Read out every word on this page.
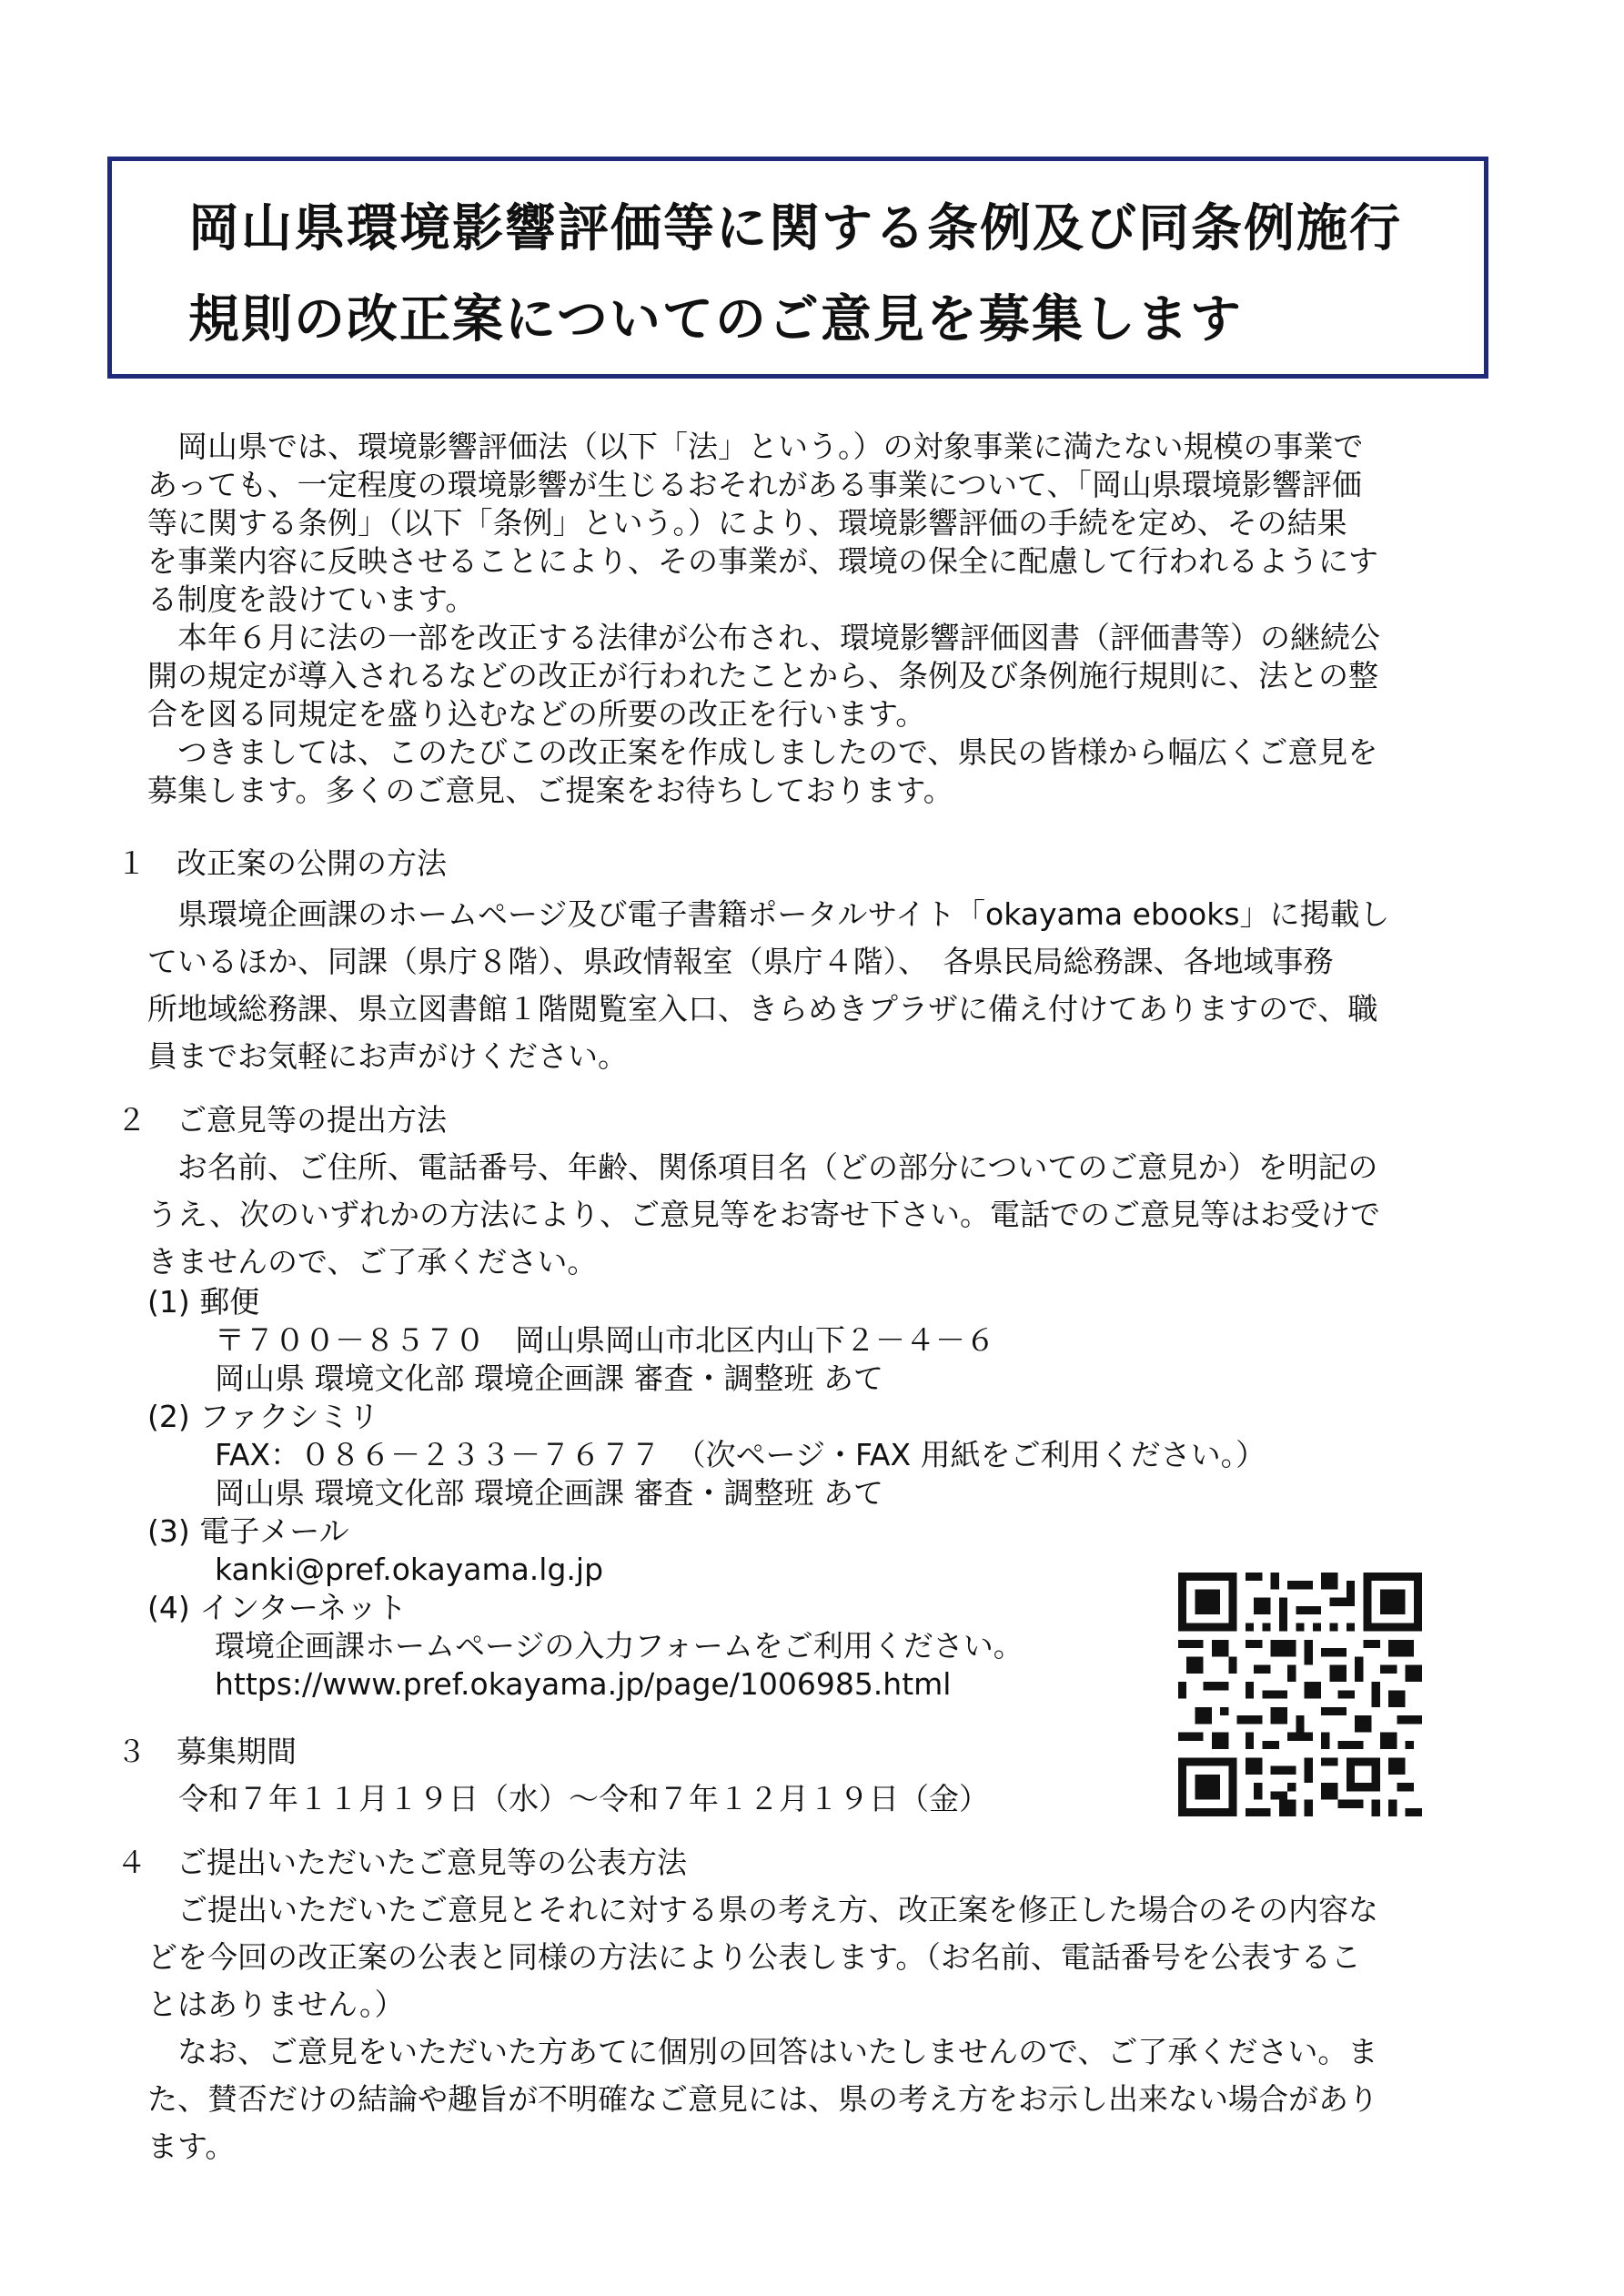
岡山県環境影響評価等に関する条例及び同条例施行
規則の改正案についてのご意見を募集します
　岡山県では、環境影響評価法（以下「法」という。）の対象事業に満たない規模の事業で
あっても、一定程度の環境影響が生じるおそれがある事業について、「岡山県環境影響評価
等に関する条例」（以下「条例」という。）により、環境影響評価の手続を定め、その結果
を事業内容に反映させることにより、その事業が、環境の保全に配慮して行われるようにす
る制度を設けています。
　本年６月に法の一部を改正する法律が公布され、環境影響評価図書（評価書等）の継続公
開の規定が導入されるなどの改正が行われたことから、条例及び条例施行規則に、法との整
合を図る同規定を盛り込むなどの所要の改正を行います。
　つきましては、このたびこの改正案を作成しましたので、県民の皆様から幅広くご意見を
募集します。多くのご意見、ご提案をお待ちしております。
１　改正案の公開の方法
　県環境企画課のホームページ及び電子書籍ポータルサイト「okayama ebooks」に掲載し
ているほか、同課（県庁８階）、県政情報室（県庁４階）、　各県民局総務課、各地域事務
所地域総務課、県立図書館１階閲覧室入口、きらめきプラザに備え付けてありますので、職
員までお気軽にお声がけください。
２　ご意見等の提出方法
　お名前、ご住所、電話番号、年齢、関係項目名（どの部分についてのご意見か）を明記の
うえ、次のいずれかの方法により、ご意見等をお寄せ下さい。電話でのご意見等はお受けで
きませんので、ご了承ください。
(1) 郵便
〒７００－８５７０　岡山県岡山市北区内山下２－４－６
岡山県 環境文化部 環境企画課 審査・調整班 あて
(2) ファクシミリ
FAX：０８６－２３３－７６７７　（次ページ・FAX 用紙をご利用ください。）
岡山県 環境文化部 環境企画課 審査・調整班 あて
(3) 電子メール
kanki@pref.okayama.lg.jp
(4) インターネット
環境企画課ホームページの入力フォームをご利用ください。
https://www.pref.okayama.jp/page/1006985.html
３　募集期間
令和７年１１月１９日（水）～令和７年１２月１９日（金）
４　ご提出いただいたご意見等の公表方法
　ご提出いただいたご意見とそれに対する県の考え方、改正案を修正した場合のその内容な
どを今回の改正案の公表と同様の方法により公表します。（お名前、電話番号を公表するこ
とはありません。）
　なお、ご意見をいただいた方あてに個別の回答はいたしませんので、ご了承ください。ま
た、賛否だけの結論や趣旨が不明確なご意見には、県の考え方をお示し出来ない場合があり
ます。
